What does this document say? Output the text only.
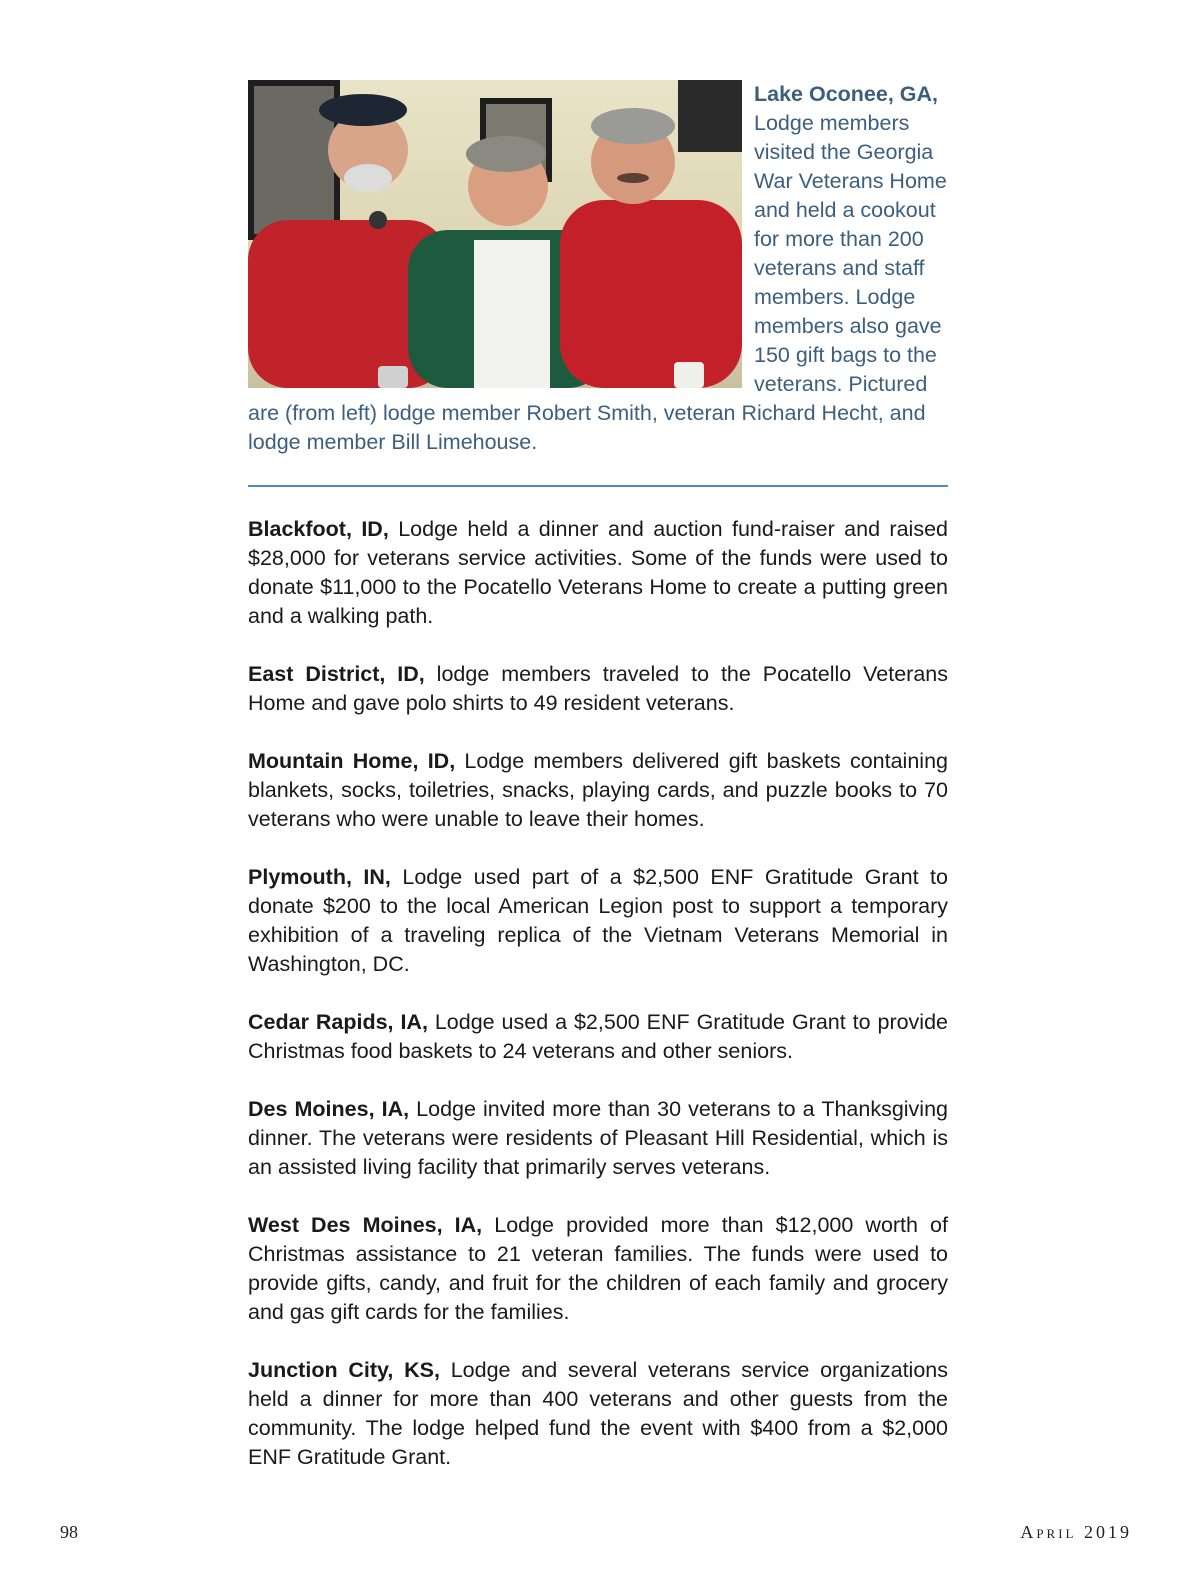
Lake Oconee, GA, Lodge members visited the Georgia War Veterans Home and held a cookout for more than 200 veterans and staff members. Lodge members also gave 150 gift bags to the veterans. Pictured are (from left) lodge member Robert Smith, veteran Richard Hecht, and lodge member Bill Limehouse.

Blackfoot, ID, Lodge held a dinner and auction fund-raiser and raised $28,000 for veterans service activities. Some of the funds were used to donate $11,000 to the Pocatello Veterans Home to create a putting green and a walking path.

East District, ID, lodge members traveled to the Pocatello Veterans Home and gave polo shirts to 49 resident veterans.

Mountain Home, ID, Lodge members delivered gift baskets containing blankets, socks, toiletries, snacks, playing cards, and puzzle books to 70 veterans who were unable to leave their homes.

Plymouth, IN, Lodge used part of a $2,500 ENF Gratitude Grant to donate $200 to the local American Legion post to support a temporary exhibition of a traveling replica of the Vietnam Veterans Memorial in Washington, DC.

Cedar Rapids, IA, Lodge used a $2,500 ENF Gratitude Grant to provide Christmas food baskets to 24 veterans and other seniors.

Des Moines, IA, Lodge invited more than 30 veterans to a Thanksgiving dinner. The veterans were residents of Pleasant Hill Residential, which is an assisted living facility that primarily serves veterans.

West Des Moines, IA, Lodge provided more than $12,000 worth of Christmas assistance to 21 veteran families. The funds were used to provide gifts, candy, and fruit for the children of each family and grocery and gas gift cards for the families.

Junction City, KS, Lodge and several veterans service organizations held a dinner for more than 400 veterans and other guests from the community. The lodge helped fund the event with $400 from a $2,000 ENF Gratitude Grant.

98	April 2019
